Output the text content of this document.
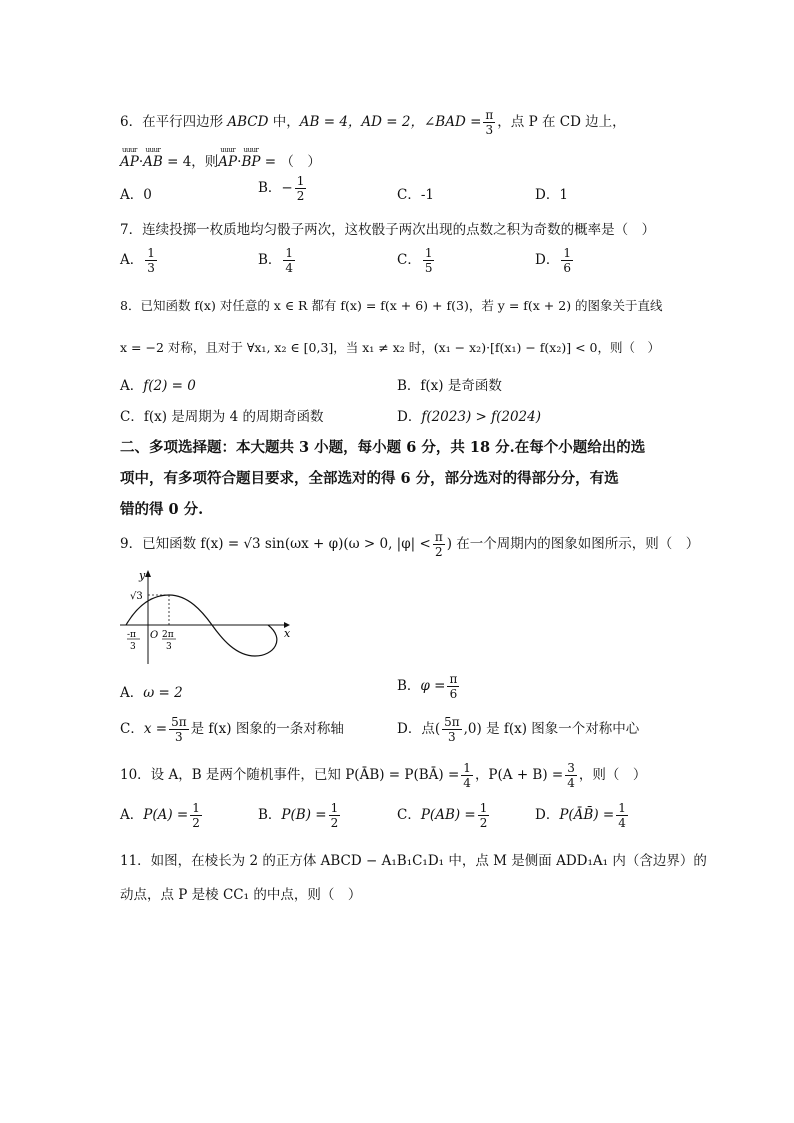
6．在平行四边形 ABCD 中，AB = 4，AD = 2，∠BAD = $\frac{\pi}{3}$ ，点 P 在 CD 边上，
uuur
AP·
uuur
AB = 4，则
uuur
AP·
uuur
BP = （　）
A．0	B．− $\frac{1}{2}$	C．-1	D．1
7．连续投掷一枚质地均匀骰子两次，这枚骰子两次出现的点数之积为奇数的概率是（　）
A． $\frac{1}{3}$	B． $\frac{1}{4}$	C． $\frac{1}{5}$	D． $\frac{1}{6}$
8．已知函数 f(x) 对任意的 x ∈ R 都有 f(x) = f(x + 6) + f(3)，若 y = f(x + 2) 的图象关于直线
x = −2 对称，且对于 ∀x₁, x₂ ∈ [0,3]，当 x₁ ≠ x₂ 时，(x₁ − x₂)·[f(x₁) − f(x₂)] < 0，则（　）
A．f(2) = 0	B．f(x) 是奇函数
C．f(x) 是周期为 4 的周期奇函数	D．f(2023) > f(2024)
二、多项选择题：本大题共 3 小题，每小题 6 分，共 18 分.在每个小题给出的选
项中，有多项符合题目要求，全部选对的得 6 分，部分选对的得部分分，有选
错的得 0 分.
9．已知函数 f(x) = √3 sin(ωx + φ)(ω > 0, $|\varphi| < \frac{\pi}{2}$ ) 在一个周期内的图象如图所示，则（　）
y
x
√3
O
-π
3
2π
3
A．ω = 2	B．$\varphi = \frac{\pi}{6}$
C．$x = \frac{5\pi}{3}$ 是 f(x) 图象的一条对称轴	D．点( $\frac{5\pi}{3} ,0$) 是 f(x) 图象一个对称中心
10．设 A，B 是两个随机事件，已知 P(ĀB) = P(BĀ) = $\frac{1}{4}$ ，$P(A + B) = \frac{3}{4}$ ，则（　）
A．$P(A) = \frac{1}{2}$	B．$P(B) = \frac{1}{2}$	C．$P(AB) = \frac{1}{2}$	D．P(ĀB̄) = $\frac{1}{4}$
11．如图，在棱长为 2 的正方体 ABCD − A₁B₁C₁D₁ 中，点 M 是侧面 ADD₁A₁ 内（含边界）的
动点，点 P 是棱 CC₁ 的中点，则（　）
